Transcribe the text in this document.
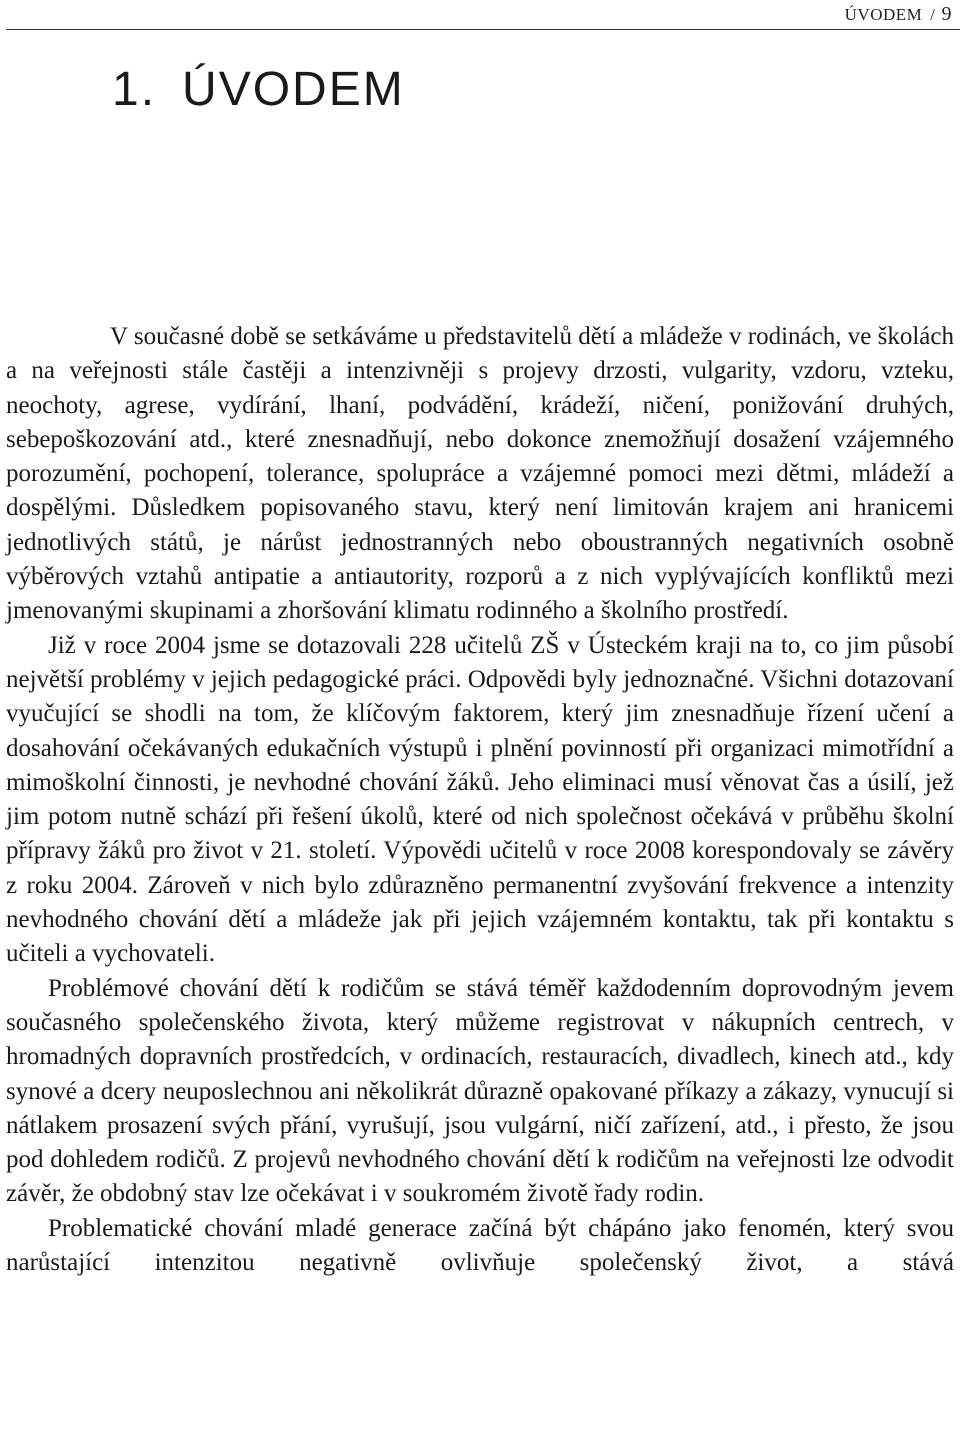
ÚVODEM / 9
1. ÚVODEM

V současné době se setkáváme u představitelů dětí a mládeže v rodinách, ve školách a na veřejnosti stále častěji a intenzivněji s projevy drzosti, vulgarity, vzdoru, vzteku, neochoty, agrese, vydírání, lhaní, podvádění, krádeží, ničení, ponižování druhých, sebepoškozování atd., které znesnadňují, nebo dokonce znemožňují dosažení vzájemného porozumění, pochopení, tolerance, spolupráce a vzájemné pomoci mezi dětmi, mládeží a dospělými. Důsledkem popisovaného stavu, který není limitován krajem ani hranicemi jednotlivých států, je nárůst jednostranných nebo oboustranných negativních osobně výběrových vztahů antipatie a antiautority, rozporů a z nich vyplývajících konfliktů mezi jmenovanými skupinami a zhoršování klimatu rodinného a školního prostředí.

Již v roce 2004 jsme se dotazovali 228 učitelů ZŠ v Ústeckém kraji na to, co jim působí největší problémy v jejich pedagogické práci. Odpovědi byly jednoznačné. Všichni dotazovaní vyučující se shodli na tom, že klíčovým faktorem, který jim znesnadňuje řízení učení a dosahování očekávaných edukačních výstupů i plnění povinností při organizaci mimotřídní a mimoškolní činnosti, je nevhodné chování žáků. Jeho eliminaci musí věnovat čas a úsilí, jež jim potom nutně schází při řešení úkolů, které od nich společnost očekává v průběhu školní přípravy žáků pro život v 21. století. Výpovědi učitelů v roce 2008 korespondovaly se závěry z roku 2004. Zároveň v nich bylo zdůrazněno permanentní zvyšování frekvence a intenzity nevhodného chování dětí a mládeže jak při jejich vzájemném kontaktu, tak při kontaktu s učiteli a vychovateli.

Problémové chování dětí k rodičům se stává téměř každodenním doprovodným jevem současného společenského života, který můžeme registrovat v nákupních centrech, v hromadných dopravních prostředcích, v ordinacích, restauracích, divadlech, kinech atd., kdy synové a dcery neuposlechnou ani několikrát důrazně opakované příkazy a zákazy, vynucují si nátlakem prosazení svých přání, vyrušují, jsou vulgární, ničí zařízení, atd., i přesto, že jsou pod dohledem rodičů. Z projevů nevhodného chování dětí k rodičům na veřejnosti lze odvodit závěr, že obdobný stav lze očekávat i v soukromém životě řady rodin.

Problematické chování mladé generace začíná být chápáno jako fenomén, který svou narůstající intenzitou negativně ovlivňuje společenský život, a stává
